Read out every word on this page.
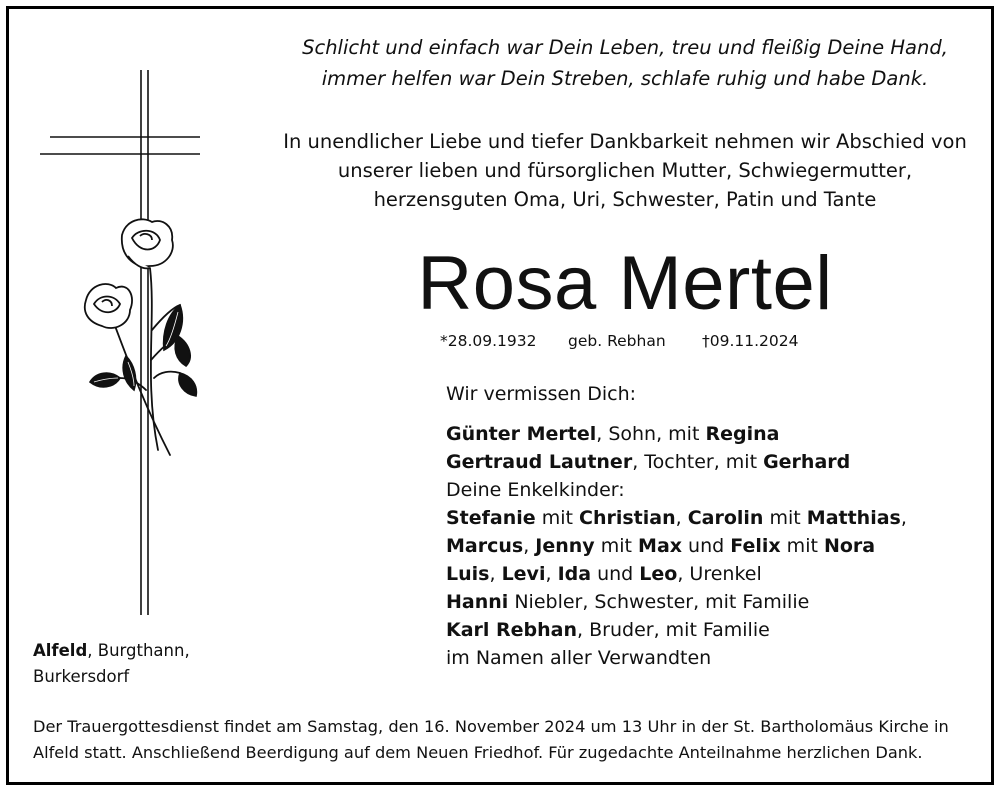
Schlicht und einfach war Dein Leben, treu und fleißig Deine Hand,
immer helfen war Dein Streben, schlafe ruhig und habe Dank.
In unendlicher Liebe und tiefer Dankbarkeit nehmen wir Abschied von
unserer lieben und fürsorglichen Mutter, Schwiegermutter,
herzensguten Oma, Uri, Schwester, Patin und Tante
Rosa Mertel
*28.09.1932 geb. Rebhan †09.11.2024
Wir vermissen Dich:
Günter Mertel, Sohn, mit Regina
Gertraud Lautner, Tochter, mit Gerhard
Deine Enkelkinder:
Stefanie mit Christian, Carolin mit Matthias,
Marcus, Jenny mit Max und Felix mit Nora
Luis, Levi, Ida und Leo, Urenkel
Hanni Niebler, Schwester, mit Familie
Karl Rebhan, Bruder, mit Familie
im Namen aller Verwandten
Alfeld, Burgthann,
Burkersdorf
Der Trauergottesdienst findet am Samstag, den 16. November 2024 um 13 Uhr in der St. Bartholomäus Kirche in
Alfeld statt. Anschließend Beerdigung auf dem Neuen Friedhof. Für zugedachte Anteilnahme herzlichen Dank.
